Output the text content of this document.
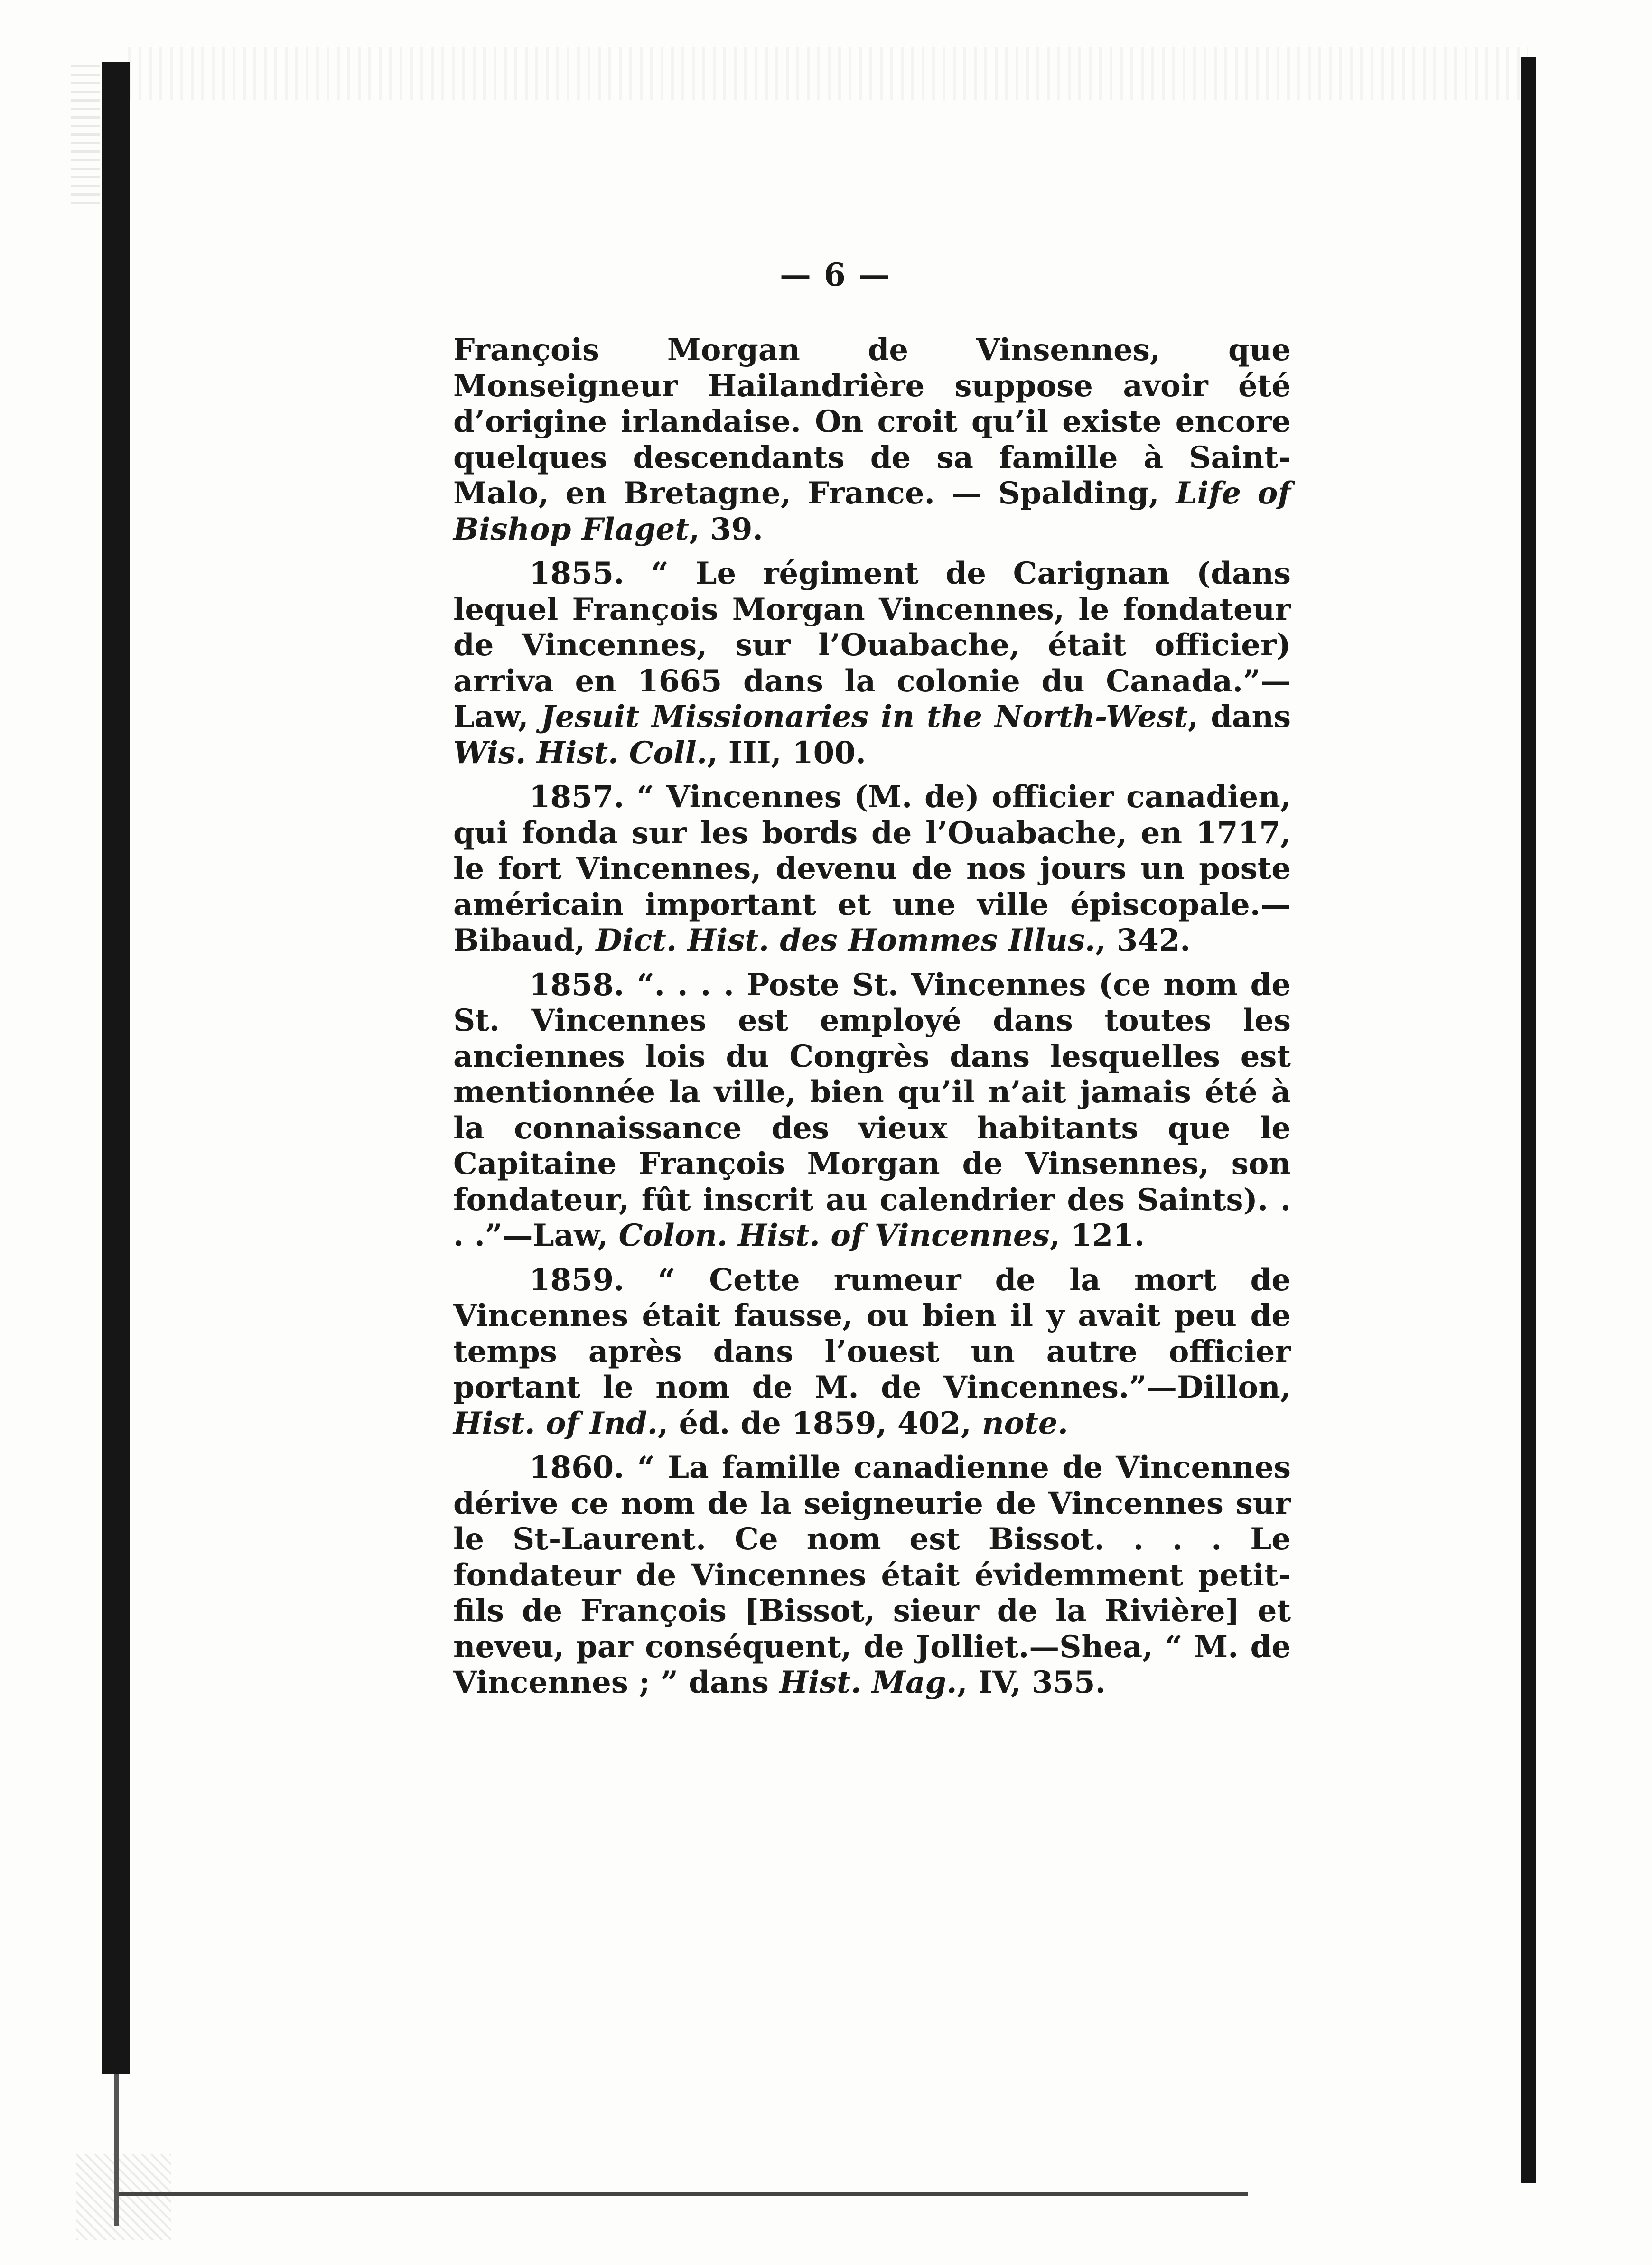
— 6 —

François Morgan de Vinsennes, que Monseigneur Hailandrière suppose avoir été d’origine irlandaise. On croit qu’il existe encore quelques descendants de sa famille à Saint-Malo, en Bretagne, France. — Spalding, Life of Bishop Flaget, 39.

1855. “ Le régiment de Carignan (dans lequel François Morgan Vincennes, le fondateur de Vincennes, sur l’Ouabache, était officier) arriva en 1665 dans la colonie du Canada.”—Law, Jesuit Missionaries in the North-West, dans Wis. Hist. Coll., III, 100.

1857. “ Vincennes (M. de) officier canadien, qui fonda sur les bords de l’Ouabache, en 1717, le fort Vincennes, devenu de nos jours un poste américain important et une ville épiscopale.—Bibaud, Dict. Hist. des Hommes Illus., 342.

1858. “. . . . Poste St. Vincennes (ce nom de St. Vincennes est employé dans toutes les anciennes lois du Congrès dans lesquelles est mentionnée la ville, bien qu’il n’ait jamais été à la connaissance des vieux habitants que le Capitaine François Morgan de Vinsennes, son fondateur, fût inscrit au calendrier des Saints). . . .”—Law, Colon. Hist. of Vincennes, 121.

1859. “ Cette rumeur de la mort de Vincennes était fausse, ou bien il y avait peu de temps après dans l’ouest un autre officier portant le nom de M. de Vincennes.”—Dillon, Hist. of Ind., éd. de 1859, 402, note.

1860. “ La famille canadienne de Vincennes dérive ce nom de la seigneurie de Vincennes sur le St-Laurent. Ce nom est Bissot. . . . Le fondateur de Vincennes était évidemment petit-fils de François [Bissot, sieur de la Rivière] et neveu, par conséquent, de Jolliet.—Shea, “ M. de Vincennes ; ” dans Hist. Mag., IV, 355.
